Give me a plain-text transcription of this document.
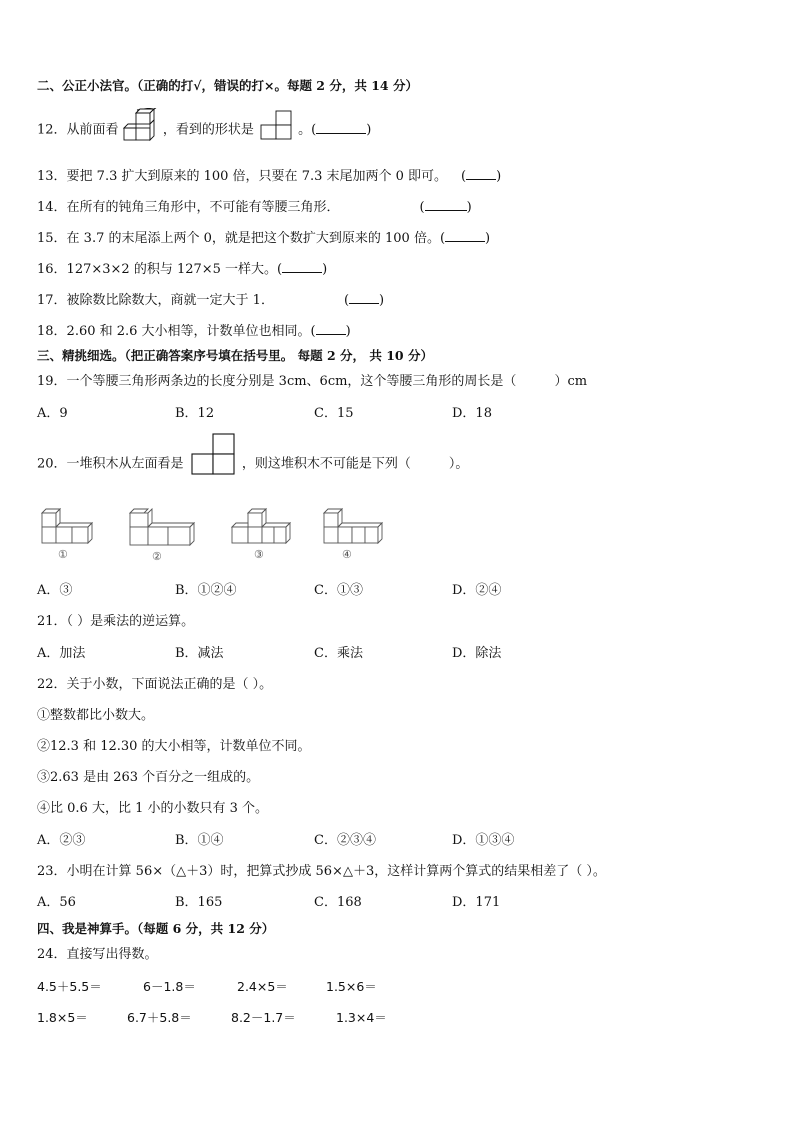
二、公正小法官。（正确的打√，错误的打×。每题 2 分，共 14 分）
12．从前面看	，看到的形状是	。(	)
13．要把 7.3 扩大到原来的 100 倍，只要在 7.3 末尾加两个 0 即可。 ( )
14．在所有的钝角三角形中，不可能有等腰三角形．	(	)
15．在 3.7 的末尾添上两个 0，就是把这个数扩大到原来的 100 倍。(	)
16．127×3×2 的积与 127×5 一样大。(	)
17．被除数比除数大，商就一定大于 1．	( )
18．2.60 和 2.6 大小相等，计数单位也相同。( )
三、精挑细选。（把正确答案序号填在括号里。 每题 2 分， 共 10 分）
19．一个等腰三角形两条边的长度分别是 3cm、6cm，这个等腰三角形的周长是（	）cm
A．9	B．12	C．15	D．18
20．一堆积木从左面看是	，则这堆积木不可能是下列（	）。
①	②	③	④
A．③	B．①②④	C．①③	D．②④
21．（ ）是乘法的逆运算。
A．加法	B．减法	C．乘法	D．除法
22．关于小数，下面说法正确的是（ ）。
①整数都比小数大。
②12.3 和 12.30 的大小相等，计数单位不同。
③2.63 是由 263 个百分之一组成的。
④比 0.6 大，比 1 小的小数只有 3 个。
A．②③	B．①④	C．②③④	D．①③④
23．小明在计算 56×（△＋3）时，把算式抄成 56×△＋3，这样计算两个算式的结果相差了（ ）。
A．56	B．165	C．168	D．171
四、我是神算手。（每题 6 分，共 12 分）
24．直接写出得数。
4.5＋5.5＝	6－1.8＝	2.4×5＝	1.5×6＝
1.8×5＝	6.7＋5.8＝	8.2－1.7＝	1.3×4＝
